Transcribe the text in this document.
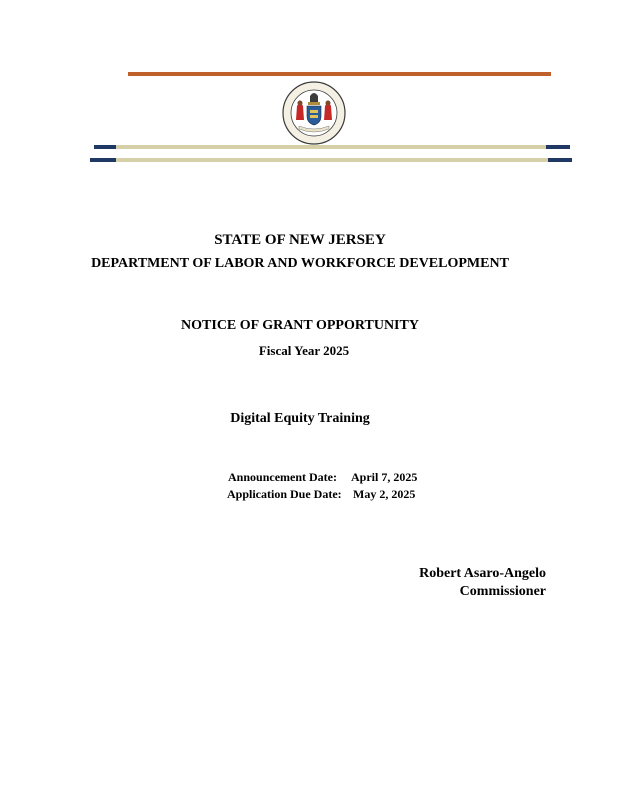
STATE OF NEW JERSEY
DEPARTMENT OF LABOR AND WORKFORCE DEVELOPMENT
NOTICE OF GRANT OPPORTUNITY
Fiscal Year 2025
Digital Equity Training
Announcement Date: April 7, 2025
Application Due Date: May 2, 2025
Robert Asaro-Angelo
Commissioner
